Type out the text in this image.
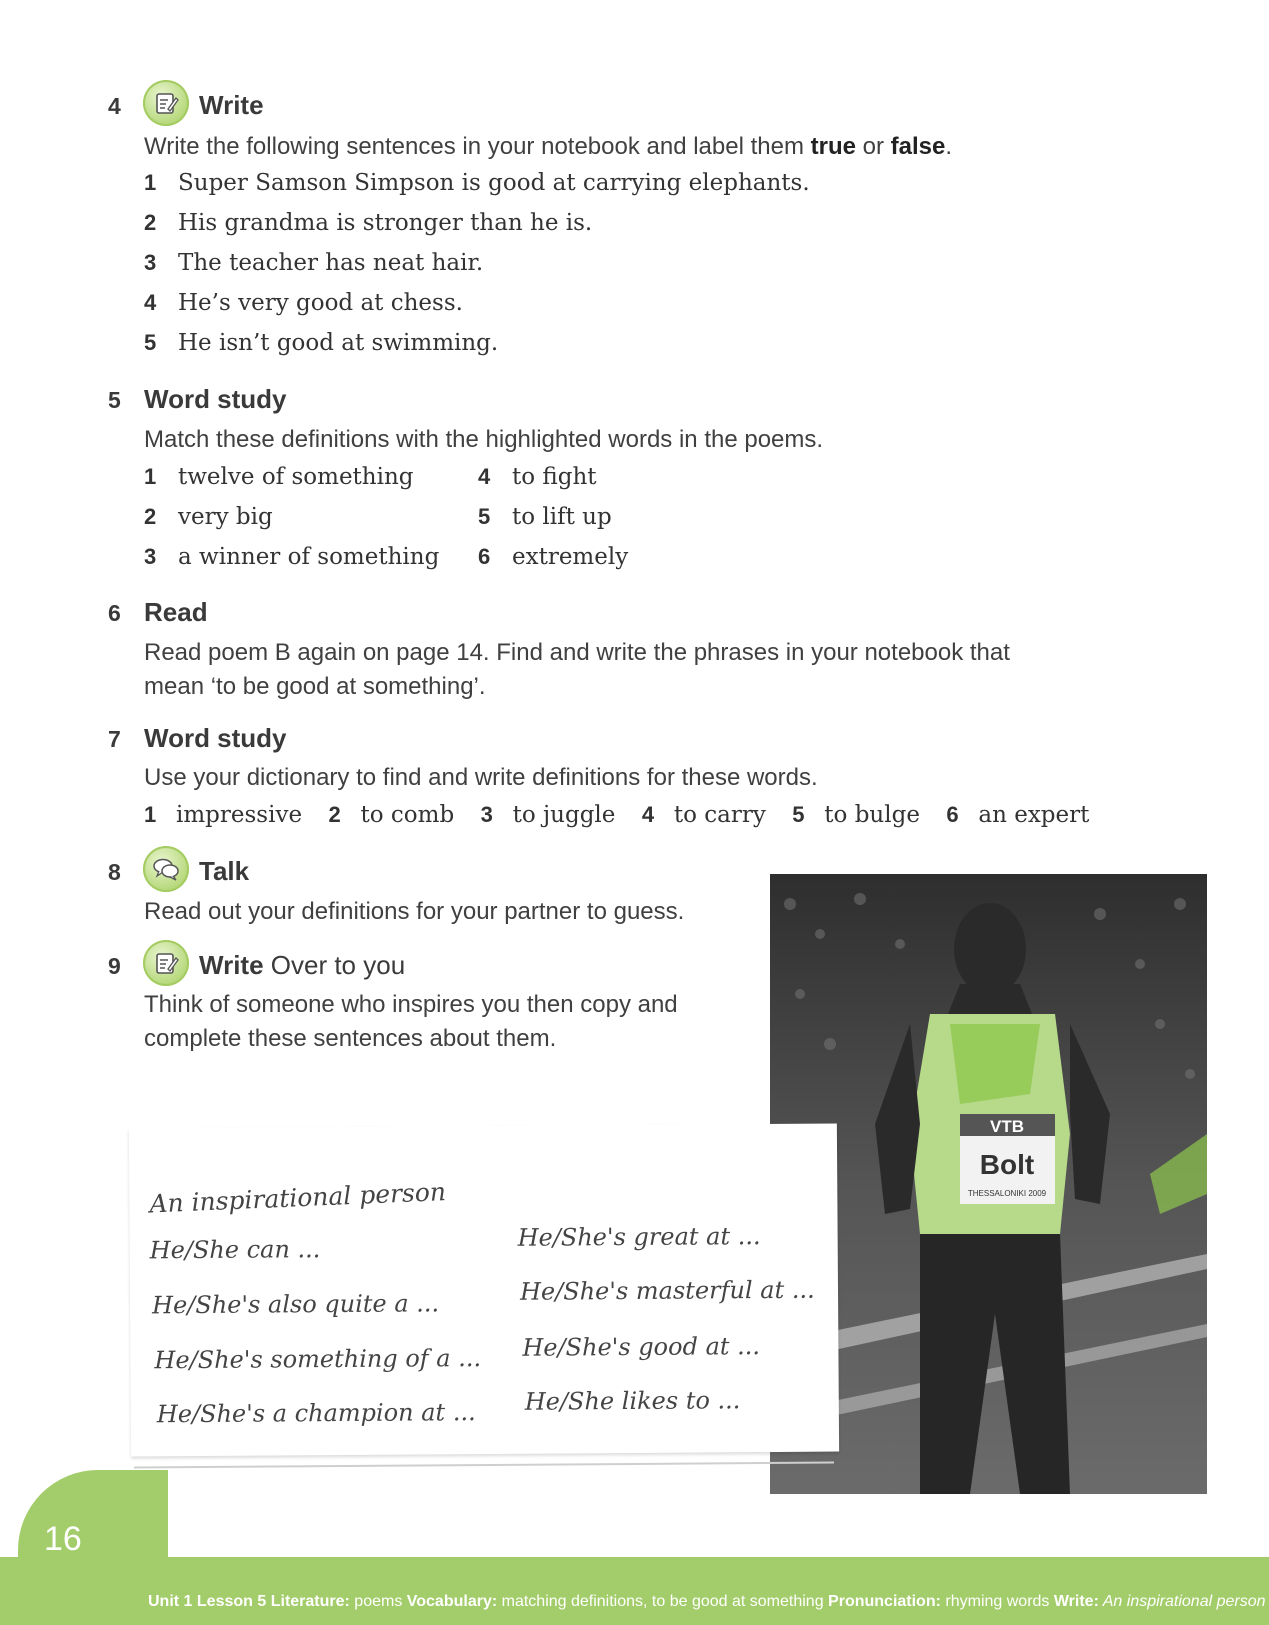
4	Write
Write the following sentences in your notebook and label them true or false.
1 Super Samson Simpson is good at carrying elephants.
2 His grandma is stronger than he is.
3 The teacher has neat hair.
4 He’s very good at chess.
5 He isn’t good at swimming.
5 Word study
Match these definitions with the highlighted words in the poems.
1 twelve of something
2 very big
3 a winner of something
4 to fight
5 to lift up
6 extremely
6 Read
Read poem B again on page 14. Find and write the phrases in your notebook that
mean ‘to be good at something’.
7 Word study
Use your dictionary to find and write definitions for these words.
1 impressive 2 to comb 3 to juggle 4 to carry 5 to bulge 6 an expert
VTB
Bolt
THESSALONIKI 2009
8	Talk
Read out your definitions for your partner to guess.
9	Write Over to you
Think of someone who inspires you then copy and
complete these sentences about them.
An inspirational person
He/She can ...
He/She's also quite a ...
He/She's something of a ...
He/She's a champion at ...
He/She's great at ...
He/She's masterful at ...
He/She's good at ...
He/She likes to ...
16
Unit 1 Lesson 5 Literature: poems Vocabulary: matching definitions, to be good at something Pronunciation: rhyming words Write: An inspirational person
